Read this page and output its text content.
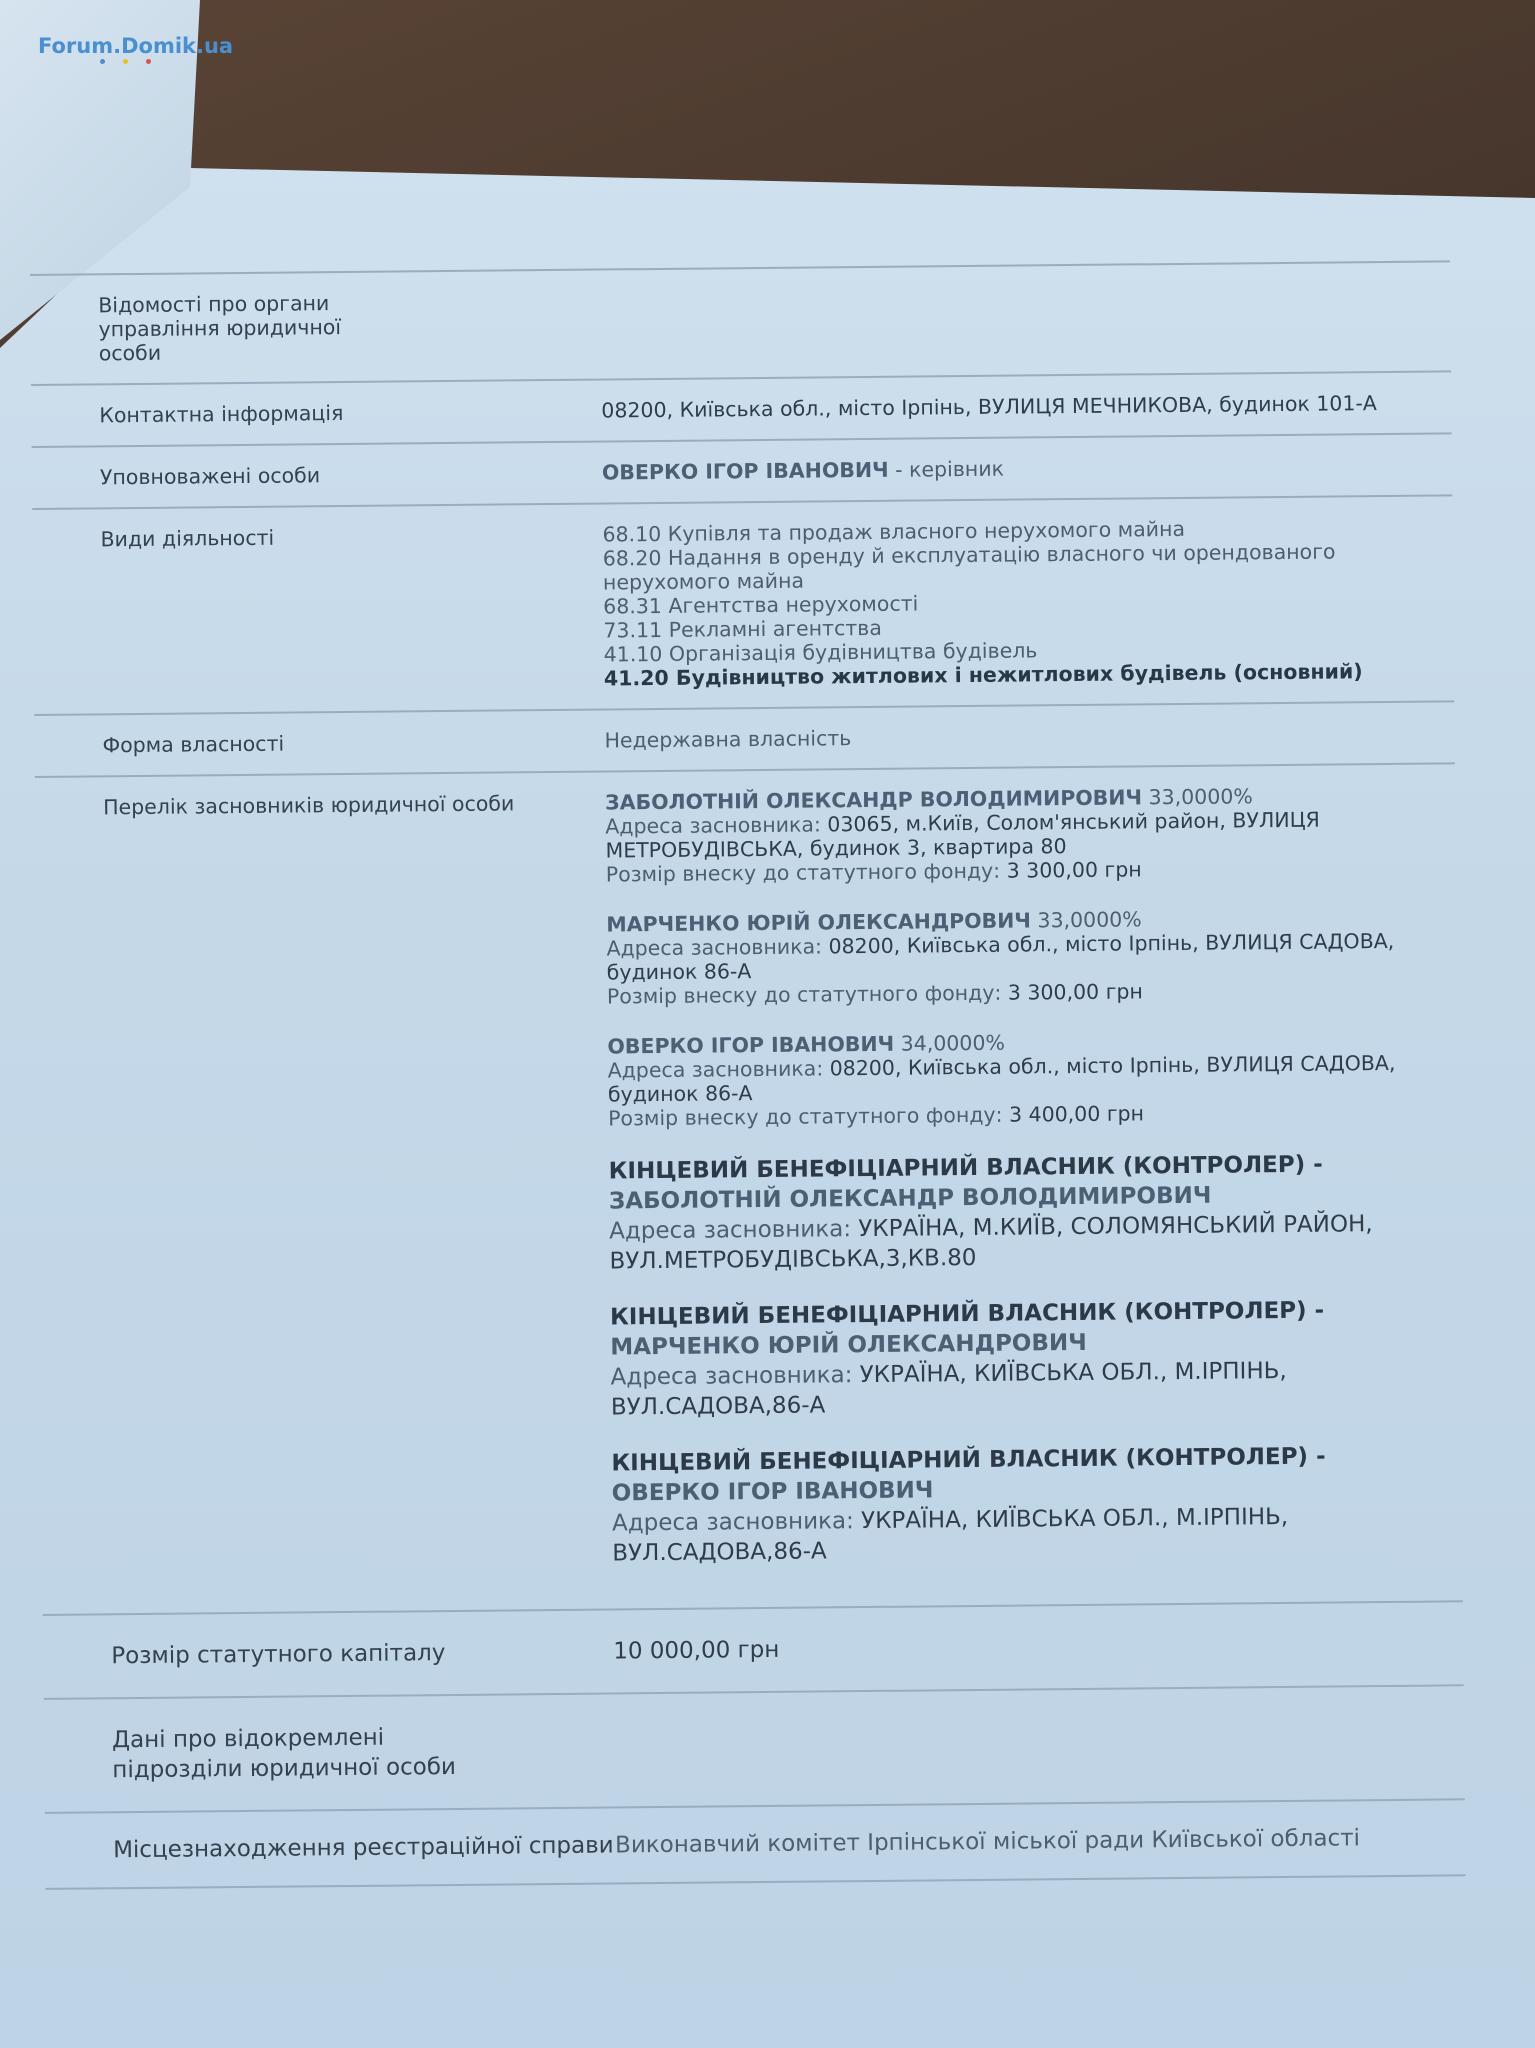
Forum.Domik.ua
Відомості про органи управління юридичної особи
Контактна інформація	08200, Київська обл., місто Ірпінь, ВУЛИЦЯ МЕЧНИКОВА, будинок 101-А
Уповноважені особи	ОВЕРКО ІГОР ІВАНОВИЧ - керівник
Види діяльності	68.10 Купівля та продаж власного нерухомого майна
68.20 Надання в оренду й експлуатацію власного чи орендованого нерухомого майна
68.31 Агентства нерухомості
73.11 Рекламні агентства
41.10 Організація будівництва будівель
41.20 Будівництво житлових і нежитлових будівель (основний)
Форма власності	Недержавна власність
Перелік засновників юридичної особи	ЗАБОЛОТНІЙ ОЛЕКСАНДР ВОЛОДИМИРОВИЧ 33,0000%
Адреса засновника: 03065, м.Київ, Солом'янський район, ВУЛИЦЯ МЕТРОБУДІВСЬКА, будинок 3, квартира 80
Розмір внеску до статутного фонду: 3 300,00 грн
МАРЧЕНКО ЮРІЙ ОЛЕКСАНДРОВИЧ 33,0000%
Адреса засновника: 08200, Київська обл., місто Ірпінь, ВУЛИЦЯ САДОВА, будинок 86-А
Розмір внеску до статутного фонду: 3 300,00 грн
ОВЕРКО ІГОР ІВАНОВИЧ 34,0000%
Адреса засновника: 08200, Київська обл., місто Ірпінь, ВУЛИЦЯ САДОВА, будинок 86-А
Розмір внеску до статутного фонду: 3 400,00 грн
КІНЦЕВИЙ БЕНЕФІЦІАРНИЙ ВЛАСНИК (КОНТРОЛЕР) - ЗАБОЛОТНІЙ ОЛЕКСАНДР ВОЛОДИМИРОВИЧ
Адреса засновника: УКРАЇНА, М.КИЇВ, СОЛОМЯНСЬКИЙ РАЙОН, ВУЛ.МЕТРОБУДІВСЬКА,3,КВ.80
КІНЦЕВИЙ БЕНЕФІЦІАРНИЙ ВЛАСНИК (КОНТРОЛЕР) - МАРЧЕНКО ЮРІЙ ОЛЕКСАНДРОВИЧ
Адреса засновника: УКРАЇНА, КИЇВСЬКА ОБЛ., М.ІРПІНЬ, ВУЛ.САДОВА,86-А
КІНЦЕВИЙ БЕНЕФІЦІАРНИЙ ВЛАСНИК (КОНТРОЛЕР) - ОВЕРКО ІГОР ІВАНОВИЧ
Адреса засновника: УКРАЇНА, КИЇВСЬКА ОБЛ., М.ІРПІНЬ, ВУЛ.САДОВА,86-А
Розмір статутного капіталу	10 000,00 грн
Дані про відокремлені підрозділи юридичної особи
Місцезнаходження реєстраційної справи Виконавчий комітет Ірпінської міської ради Київської області
